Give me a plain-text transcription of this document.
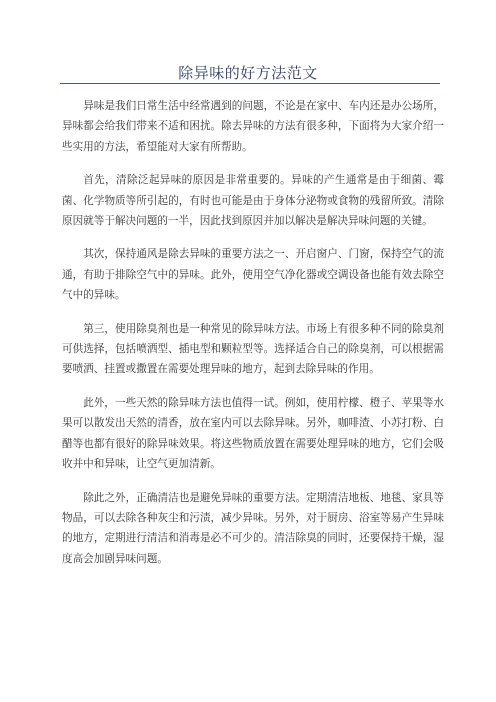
除异味的好方法范文

异味是我们日常生活中经常遇到的问题，不论是在家中、车内还是办公场所，异味都会给我们带来不适和困扰。除去异味的方法有很多种，下面将为大家介绍一些实用的方法，希望能对大家有所帮助。

首先，清除泛起异味的原因是非常重要的。异味的产生通常是由于细菌、霉菌、化学物质等所引起的，有时也可能是由于身体分泌物或食物的残留所致。清除原因就等于解决问题的一半，因此找到原因并加以解决是解决异味问题的关键。

其次，保持通风是除去异味的重要方法之一、开启窗户、门窗，保持空气的流通，有助于排除空气中的异味。此外，使用空气净化器或空调设备也能有效去除空气中的异味。

第三，使用除臭剂也是一种常见的除异味方法。市场上有很多种不同的除臭剂可供选择，包括喷洒型、插电型和颗粒型等。选择适合自己的除臭剂，可以根据需要喷洒、挂置或撒置在需要处理异味的地方，起到去除异味的作用。

此外，一些天然的除异味方法也值得一试。例如，使用柠檬、橙子、苹果等水果可以散发出天然的清香，放在室内可以去除异味。另外，咖啡渣、小苏打粉、白醋等也都有很好的除异味效果。将这些物质放置在需要处理异味的地方，它们会吸收并中和异味，让空气更加清新。

除此之外，正确清洁也是避免异味的重要方法。定期清洁地板、地毯、家具等物品，可以去除各种灰尘和污渍，减少异味。另外，对于厨房、浴室等易产生异味的地方，定期进行清洁和消毒是必不可少的。清洁除臭的同时，还要保持干燥，湿度高会加剧异味问题。
